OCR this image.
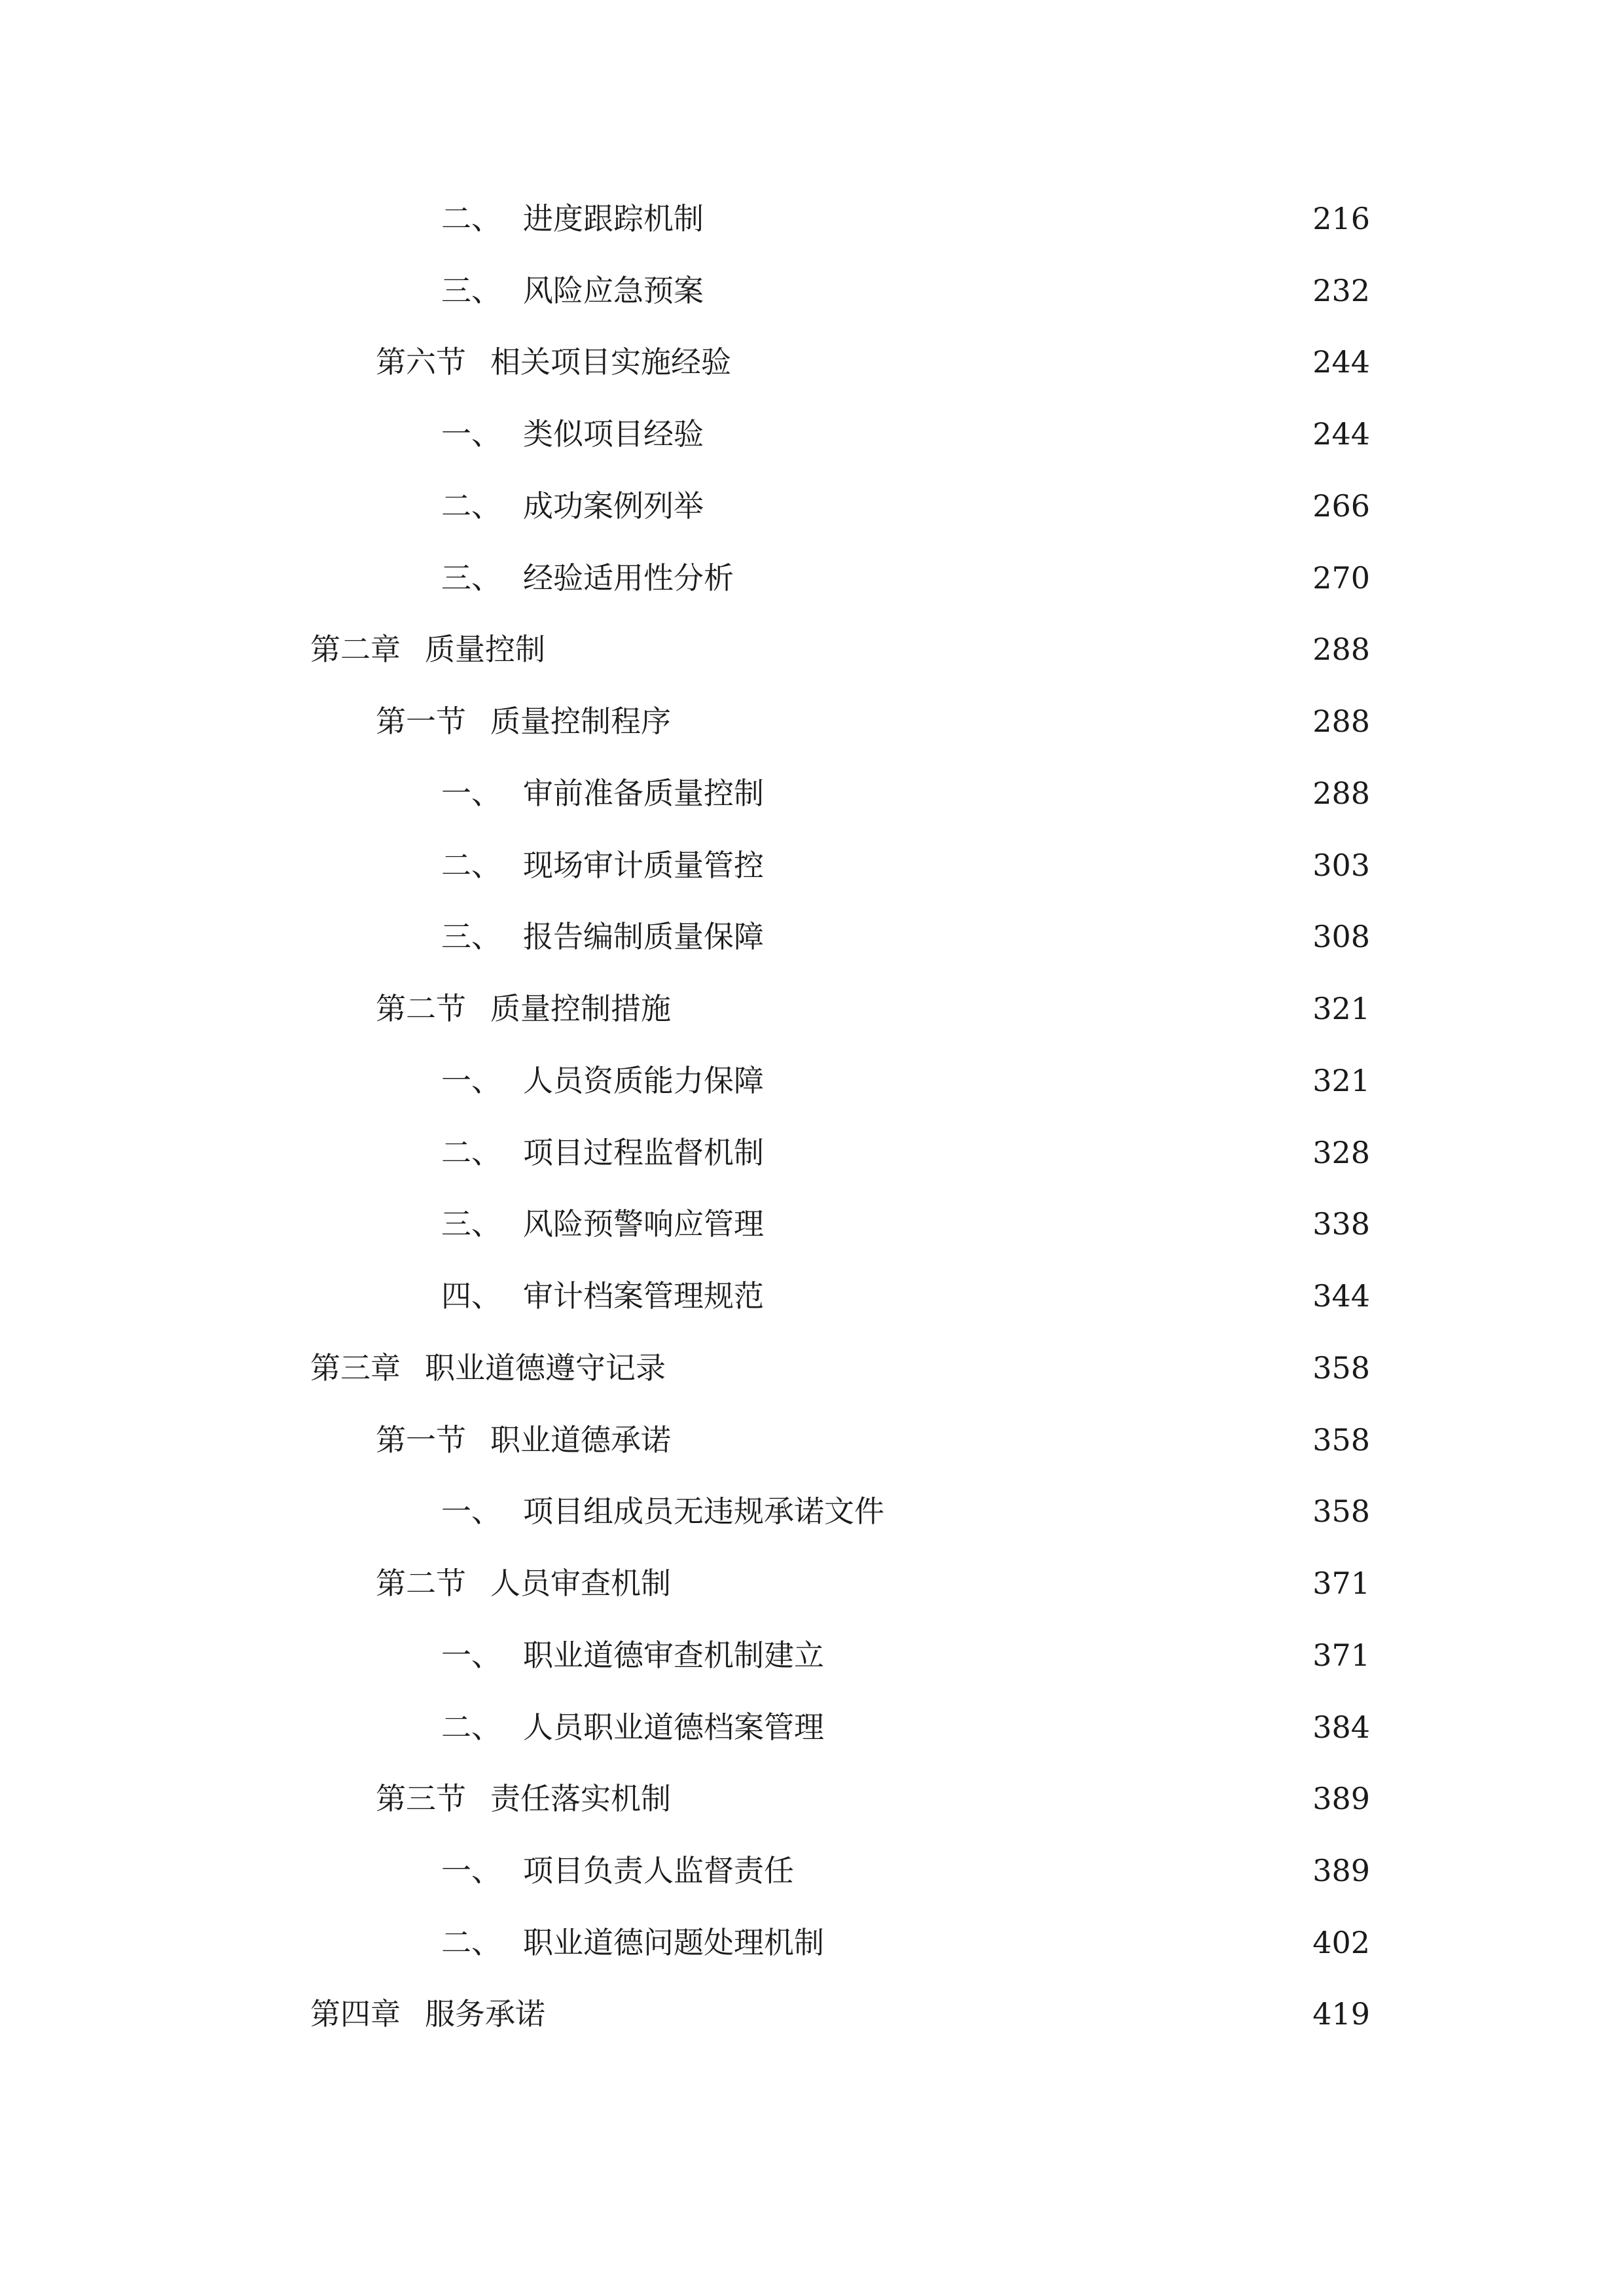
二、 进度跟踪机制	216
三、 风险应急预案	232
第六节 相关项目实施经验	244
一、 类似项目经验	244
二、 成功案例列举	266
三、 经验适用性分析	270
第二章 质量控制	288
第一节 质量控制程序	288
一、 审前准备质量控制	288
二、 现场审计质量管控	303
三、 报告编制质量保障	308
第二节 质量控制措施	321
一、 人员资质能力保障	321
二、 项目过程监督机制	328
三、 风险预警响应管理	338
四、 审计档案管理规范	344
第三章 职业道德遵守记录	358
第一节 职业道德承诺	358
一、 项目组成员无违规承诺文件	358
第二节 人员审查机制	371
一、 职业道德审查机制建立	371
二、 人员职业道德档案管理	384
第三节 责任落实机制	389
一、 项目负责人监督责任	389
二、 职业道德问题处理机制	402
第四章 服务承诺	419
